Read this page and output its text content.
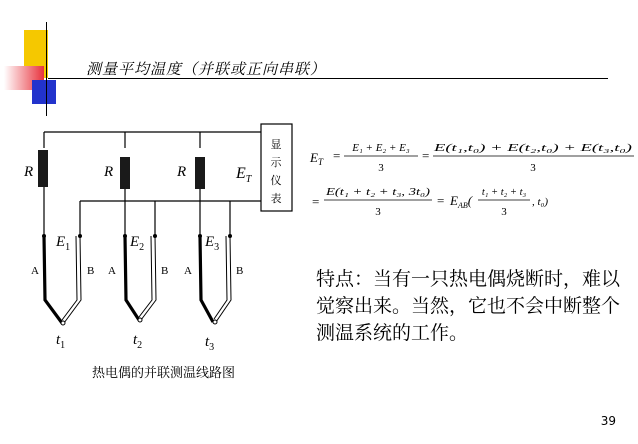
测量平均温度（并联或正向串联）
显
示
仪
表
R	R	R	$E_T$
$E_1$	$E_2$	$E_3$
A	B A	B A	B
$t_1$	$t_2$	$t_3$
$E_T = E_1 + E_2 + E_3$
3
= E(t₁,t₀) + E(t₂,t₀) + E(t₃,t₀)
3
=
E(t₁ + t₂ + t₃, 3t₀)
3
= $E_{AB}$(
t₁ + t₂ + t₃
3
, t₀)
热电偶的并联测温线路图
特点：当有一只热电偶烧断时，难以觉察出来。当然，它也不会中断整个测温系统的工作。
39
